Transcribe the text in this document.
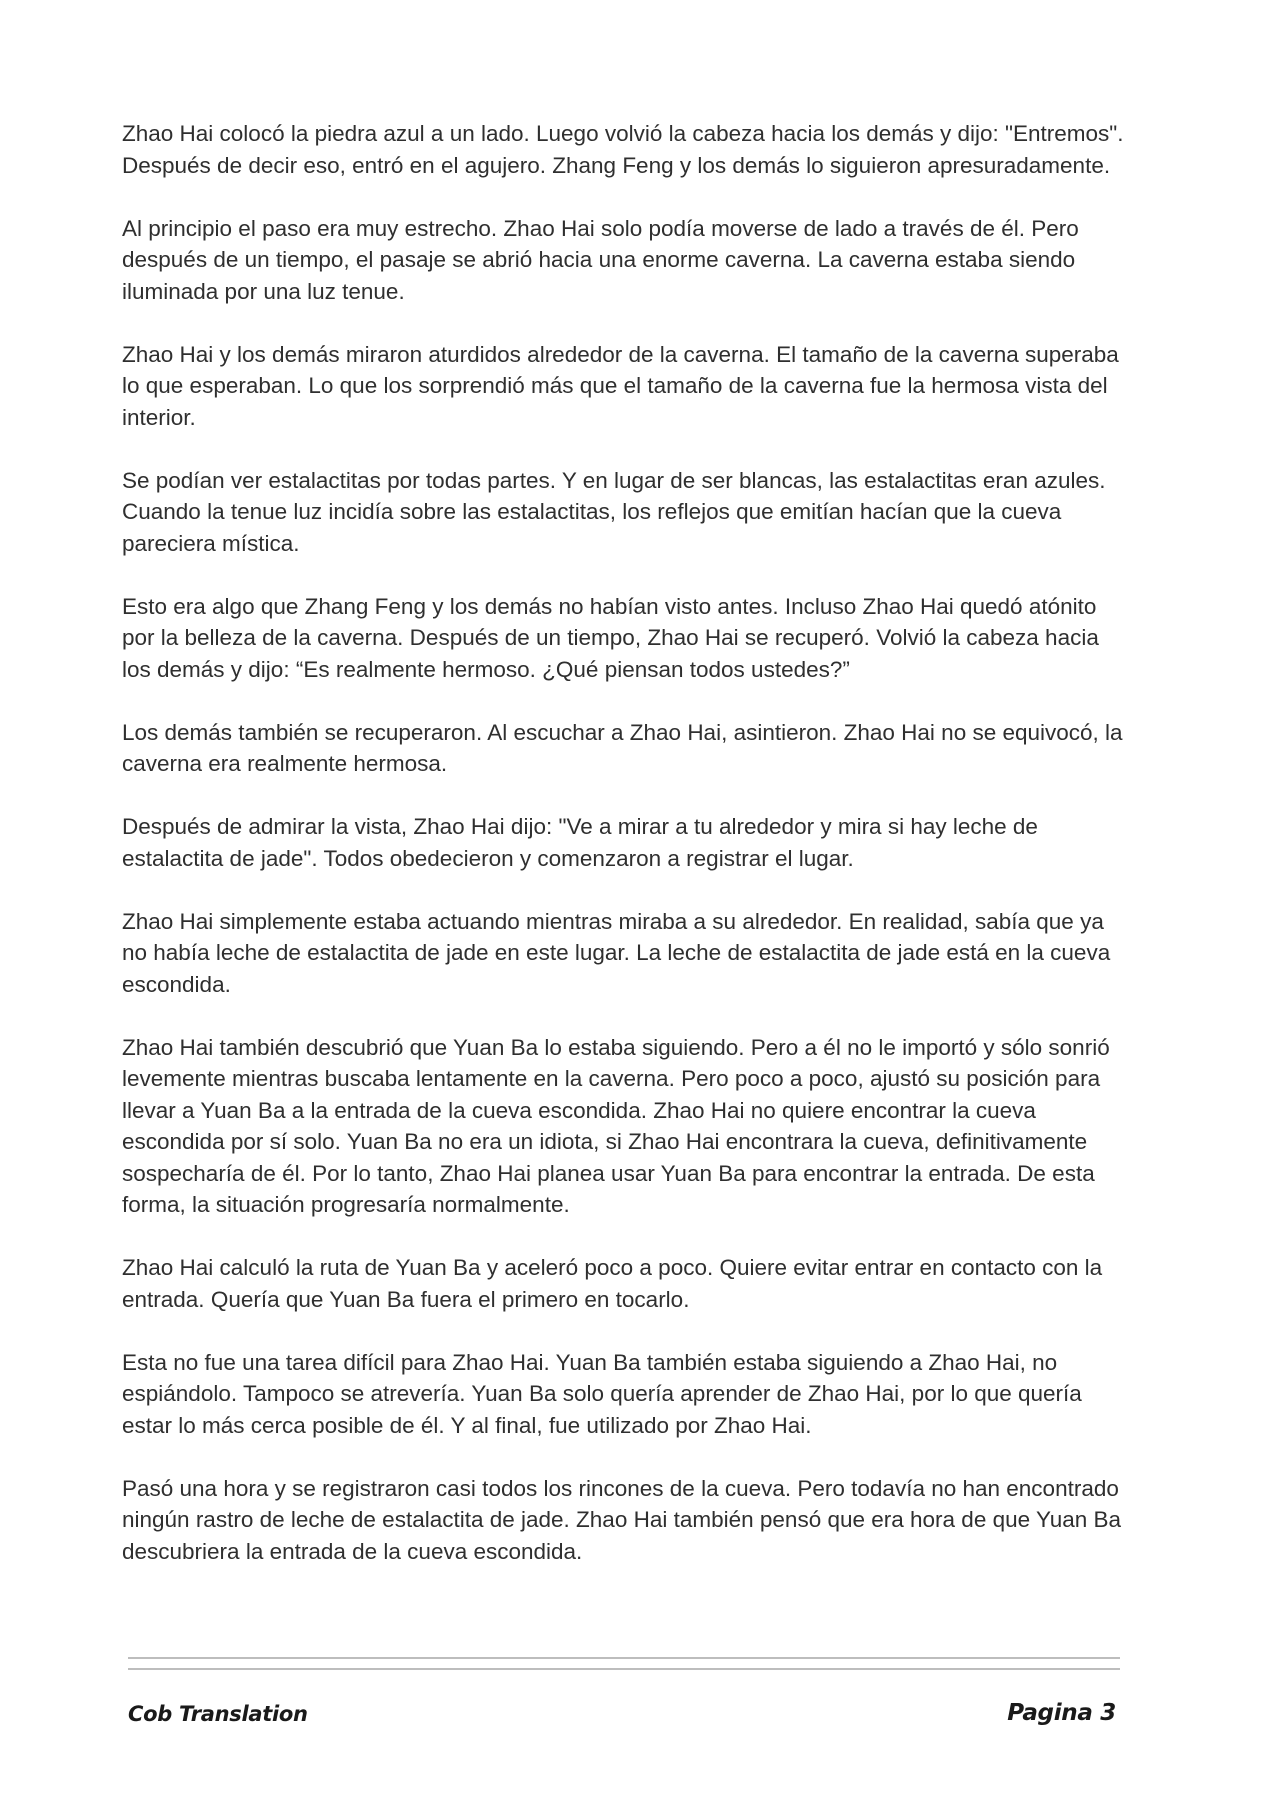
Zhao Hai colocó la piedra azul a un lado. Luego volvió la cabeza hacia los demás y dijo: "Entremos". Después de decir eso, entró en el agujero. Zhang Feng y los demás lo siguieron apresuradamente.

Al principio el paso era muy estrecho. Zhao Hai solo podía moverse de lado a través de él. Pero después de un tiempo, el pasaje se abrió hacia una enorme caverna. La caverna estaba siendo iluminada por una luz tenue.

Zhao Hai y los demás miraron aturdidos alrededor de la caverna. El tamaño de la caverna superaba lo que esperaban. Lo que los sorprendió más que el tamaño de la caverna fue la hermosa vista del interior.

Se podían ver estalactitas por todas partes. Y en lugar de ser blancas, las estalactitas eran azules. Cuando la tenue luz incidía sobre las estalactitas, los reflejos que emitían hacían que la cueva pareciera mística.

Esto era algo que Zhang Feng y los demás no habían visto antes. Incluso Zhao Hai quedó atónito por la belleza de la caverna. Después de un tiempo, Zhao Hai se recuperó. Volvió la cabeza hacia los demás y dijo: “Es realmente hermoso. ¿Qué piensan todos ustedes?”

Los demás también se recuperaron. Al escuchar a Zhao Hai, asintieron. Zhao Hai no se equivocó, la caverna era realmente hermosa.

Después de admirar la vista, Zhao Hai dijo: "Ve a mirar a tu alrededor y mira si hay leche de estalactita de jade". Todos obedecieron y comenzaron a registrar el lugar.

Zhao Hai simplemente estaba actuando mientras miraba a su alrededor. En realidad, sabía que ya no había leche de estalactita de jade en este lugar. La leche de estalactita de jade está en la cueva escondida.

Zhao Hai también descubrió que Yuan Ba lo estaba siguiendo. Pero a él no le importó y sólo sonrió levemente mientras buscaba lentamente en la caverna. Pero poco a poco, ajustó su posición para llevar a Yuan Ba a la entrada de la cueva escondida. Zhao Hai no quiere encontrar la cueva escondida por sí solo. Yuan Ba no era un idiota, si Zhao Hai encontrara la cueva, definitivamente sospecharía de él. Por lo tanto, Zhao Hai planea usar Yuan Ba para encontrar la entrada. De esta forma, la situación progresaría normalmente.

Zhao Hai calculó la ruta de Yuan Ba y aceleró poco a poco. Quiere evitar entrar en contacto con la entrada. Quería que Yuan Ba fuera el primero en tocarlo.

Esta no fue una tarea difícil para Zhao Hai. Yuan Ba también estaba siguiendo a Zhao Hai, no espiándolo. Tampoco se atrevería. Yuan Ba solo quería aprender de Zhao Hai, por lo que quería estar lo más cerca posible de él. Y al final, fue utilizado por Zhao Hai.

Pasó una hora y se registraron casi todos los rincones de la cueva. Pero todavía no han encontrado ningún rastro de leche de estalactita de jade. Zhao Hai también pensó que era hora de que Yuan Ba descubriera la entrada de la cueva escondida.

Cob Translation	Pagina 3
